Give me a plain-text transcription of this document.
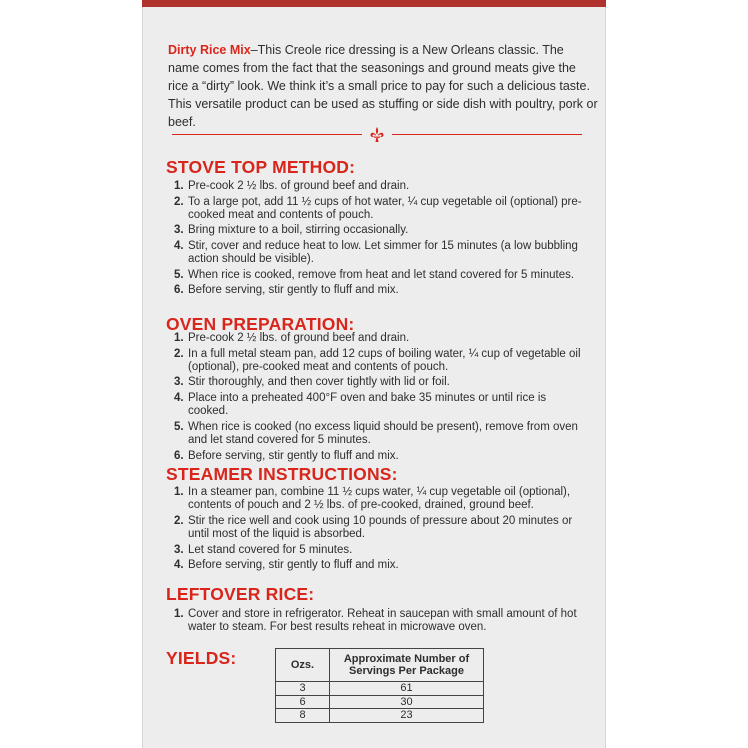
Dirty Rice Mix–This Creole rice dressing is a New Orleans classic. The name comes from the fact that the seasonings and ground meats give the rice a “dirty” look. We think it’s a small price to pay for such a delicious taste. This versatile product can be used as stuffing or side dish with poultry, pork or beef.
STOVE TOP METHOD:
1. Pre-cook 2 ½ lbs. of ground beef and drain.
2. To a large pot, add 11 ½ cups of hot water, ¼ cup vegetable oil (optional) pre-cooked meat and contents of pouch.
3. Bring mixture to a boil, stirring occasionally.
4. Stir, cover and reduce heat to low. Let simmer for 15 minutes (a low bubbling action should be visible).
5. When rice is cooked, remove from heat and let stand covered for 5 minutes.
6. Before serving, stir gently to fluff and mix.
OVEN PREPARATION:
1. Pre-cook 2 ½ lbs. of ground beef and drain.
2. In a full metal steam pan, add 12 cups of boiling water, ¼ cup of vegetable oil (optional), pre-cooked meat and contents of pouch.
3. Stir thoroughly, and then cover tightly with lid or foil.
4. Place into a preheated 400°F oven and bake 35 minutes or until rice is cooked.
5. When rice is cooked (no excess liquid should be present), remove from oven and let stand covered for 5 minutes.
6. Before serving, stir gently to fluff and mix.
STEAMER INSTRUCTIONS:
1. In a steamer pan, combine 11 ½ cups water, ¼ cup vegetable oil (optional), contents of pouch and 2 ½ lbs. of pre-cooked, drained, ground beef.
2. Stir the rice well and cook using 10 pounds of pressure about 20 minutes or until most of the liquid is absorbed.
3. Let stand covered for 5 minutes.
4. Before serving, stir gently to fluff and mix.
LEFTOVER RICE:
1. Cover and store in refrigerator. Reheat in saucepan with small amount of hot water to steam. For best results reheat in microwave oven.
YIELDS:	Ozs.	Approximate Number of Servings Per Package
3	61
6	30
8	23
